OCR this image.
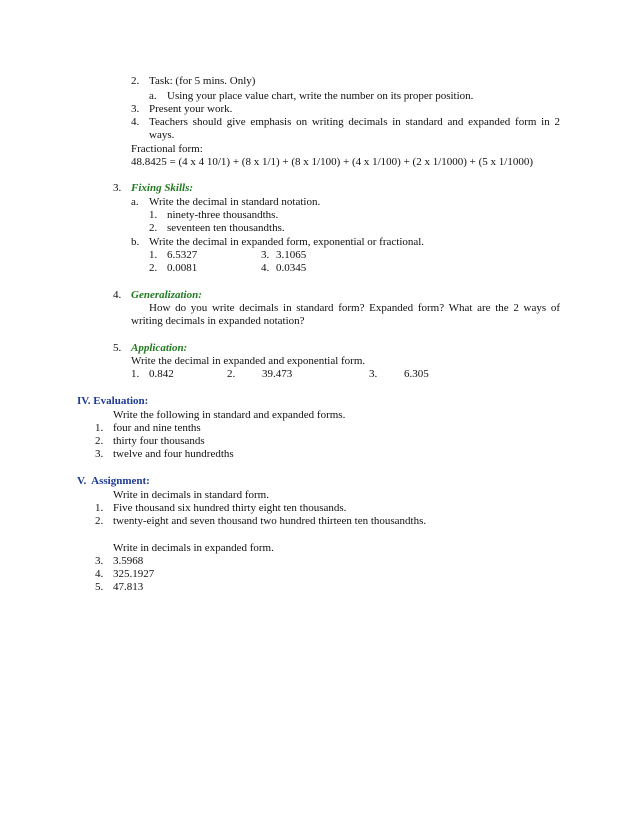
2. Task: (for 5 mins. Only)
a. Using your place value chart, write the number on its proper position.
3. Present your work.
4. Teachers should give emphasis on writing decimals in standard and expanded form in 2
ways.
Fractional form:
48.8425 = (4 x 4 10/1) + (8 x 1/1) + (8 x 1/100) + (4 x 1/100) + (2 x 1/1000) + (5 x 1/1000)
3. Fixing Skills:
a. Write the decimal in standard notation.
1. ninety-three thousandths.
2. seventeen ten thousandths.
b. Write the decimal in expanded form, exponential or fractional.
1. 6.5327	3. 3.1065
2. 0.0081	4. 0.0345
4. Generalization:
How do you write decimals in standard form? Expanded form? What are the 2 ways of
writing decimals in expanded notation?
5. Application:
Write the decimal in expanded and exponential form.
1. 0.842	2. 39.473	3. 6.305
IV. Evaluation:
Write the following in standard and expanded forms.
1. four and nine tenths
2. thirty four thousands
3. twelve and four hundredths
V.  Assignment:
Write in decimals in standard form.
1. Five thousand six hundred thirty eight ten thousands.
2. twenty-eight and seven thousand two hundred thirteen ten thousandths.
Write in decimals in expanded form.
3. 3.5968
4. 325.1927
5. 47.813
